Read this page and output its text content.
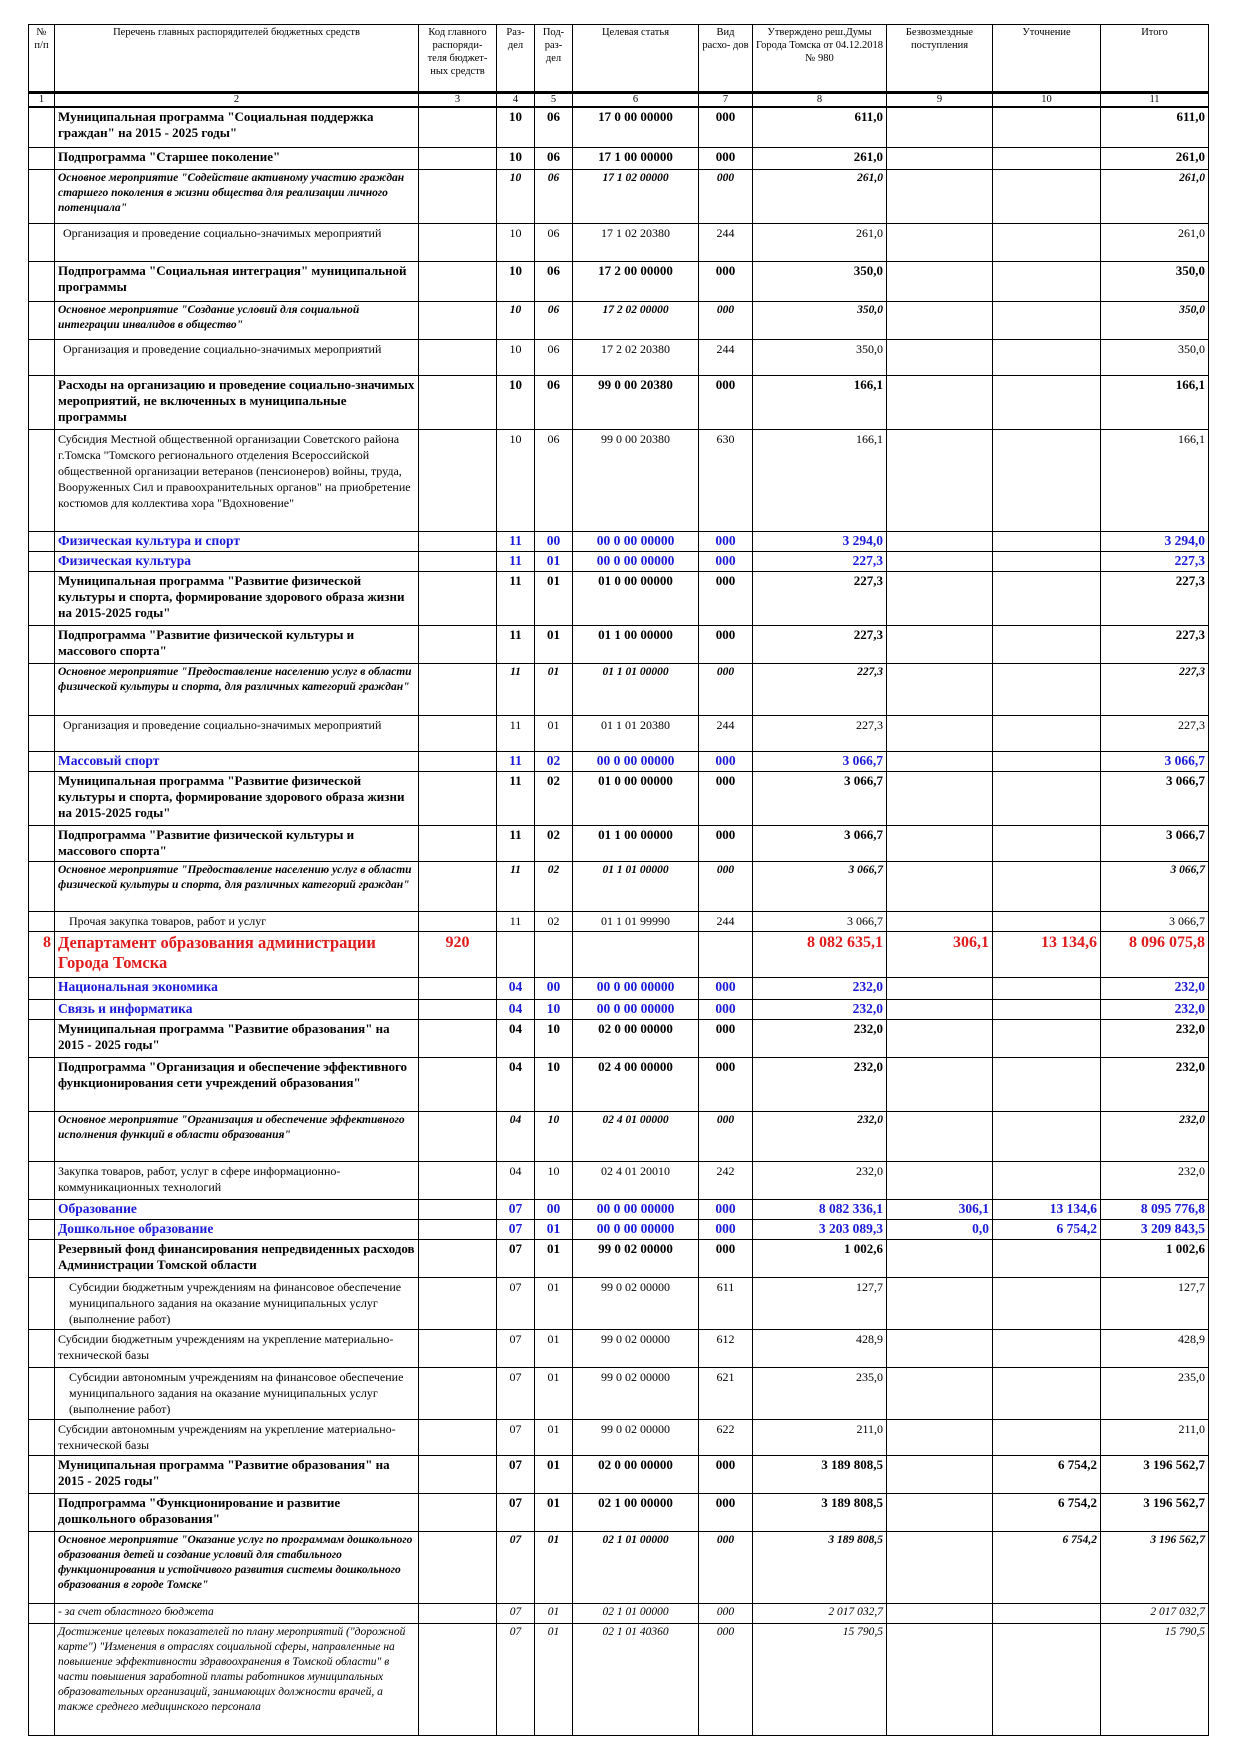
№ п/п	Перечень главных распорядителей бюджетных средств	Код главного распоряди- теля бюджет- ных средств	Раз- дел	Под- раз- дел	Целевая статья	Вид расхо- дов	Утверждено реш.Думы Города Томска от 04.12.2018 № 980	Безвозмездные поступления	Уточнение	Итого
1	2	3	4	5	6	7	8	9	10	11
	Муниципальная программа "Социальная поддержка граждан" на 2015 - 2025 годы"		10	06	17 0 00 00000	000	611,0			611,0
	Подпрограмма "Старшее поколение"		10	06	17 1 00 00000	000	261,0			261,0
	Основное мероприятие "Содействие активному участию граждан старшего поколения в жизни общества для реализации личного потенциала"		10	06	17 1 02 00000	000	261,0			261,0
	Организация и проведение социально-значимых мероприятий		10	06	17 1 02 20380	244	261,0			261,0
	Подпрограмма "Социальная интеграция" муниципальной программы		10	06	17 2 00 00000	000	350,0			350,0
	Основное мероприятие "Создание условий для социальной интеграции инвалидов в общество"		10	06	17 2 02 00000	000	350,0			350,0
	Организация и проведение социально-значимых мероприятий		10	06	17 2 02 20380	244	350,0			350,0
	Расходы на организацию и проведение социально-значимых мероприятий, не включенных в муниципальные программы		10	06	99 0 00 20380	000	166,1			166,1
	Субсидия Местной общественной организации Советского района г.Томска "Томского регионального отделения Всероссийской общественной организации ветеранов (пенсионеров) войны, труда, Вооруженных Сил и правоохранительных органов" на приобретение костюмов для коллектива хора "Вдохновение"		10	06	99 0 00 20380	630	166,1			166,1
	Физическая культура и спорт		11	00	00 0 00 00000	000	3 294,0			3 294,0
	Физическая культура		11	01	00 0 00 00000	000	227,3			227,3
	Муниципальная программа "Развитие физической культуры и спорта, формирование здорового образа жизни на 2015-2025 годы"		11	01	01 0 00 00000	000	227,3			227,3
	Подпрограмма "Развитие физической культуры и массового спорта"		11	01	01 1 00 00000	000	227,3			227,3
	Основное мероприятие "Предоставление населению услуг в области физической культуры и спорта, для различных категорий граждан"		11	01	01 1 01 00000	000	227,3			227,3
	Организация и проведение социально-значимых мероприятий		11	01	01 1 01 20380	244	227,3			227,3
	Массовый спорт		11	02	00 0 00 00000	000	3 066,7			3 066,7
	Муниципальная программа "Развитие физической культуры и спорта, формирование здорового образа жизни на 2015-2025 годы"		11	02	01 0 00 00000	000	3 066,7			3 066,7
	Подпрограмма "Развитие физической культуры и массового спорта"		11	02	01 1 00 00000	000	3 066,7			3 066,7
	Основное мероприятие "Предоставление населению услуг в области физической культуры и спорта, для различных категорий граждан"		11	02	01 1 01 00000	000	3 066,7			3 066,7
	Прочая закупка товаров, работ и услуг		11	02	01 1 01 99990	244	3 066,7			3 066,7
8	Департамент образования администрации Города Томска	920					8 082 635,1	306,1	13 134,6	8 096 075,8
	Национальная экономика		04	00	00 0 00 00000	000	232,0			232,0
	Связь и информатика		04	10	00 0 00 00000	000	232,0			232,0
	Муниципальная программа "Развитие образования" на 2015 - 2025 годы"		04	10	02 0 00 00000	000	232,0			232,0
	Подпрограмма "Организация и обеспечение эффективного функционирования сети учреждений образования"		04	10	02 4 00 00000	000	232,0			232,0
	Основное мероприятие "Организация и обеспечение эффективного исполнения функций в области образования"		04	10	02 4 01 00000	000	232,0			232,0
	Закупка товаров, работ, услуг в сфере информационно-коммуникационных технологий		04	10	02 4 01 20010	242	232,0			232,0
	Образование		07	00	00 0 00 00000	000	8 082 336,1	306,1	13 134,6	8 095 776,8
	Дошкольное образование		07	01	00 0 00 00000	000	3 203 089,3	0,0	6 754,2	3 209 843,5
	Резервный фонд финансирования непредвиденных расходов Администрации Томской области		07	01	99 0 02 00000	000	1 002,6			1 002,6
	Субсидии бюджетным учреждениям на финансовое обеспечение муниципального задания на оказание муниципальных услуг (выполнение работ)		07	01	99 0 02 00000	611	127,7			127,7
	Субсидии бюджетным учреждениям на укрепление материально-технической базы		07	01	99 0 02 00000	612	428,9			428,9
	Субсидии автономным учреждениям на финансовое обеспечение муниципального задания на оказание муниципальных услуг (выполнение работ)		07	01	99 0 02 00000	621	235,0			235,0
	Субсидии автономным учреждениям на укрепление материально-технической базы		07	01	99 0 02 00000	622	211,0			211,0
	Муниципальная программа "Развитие образования" на 2015 - 2025 годы"		07	01	02 0 00 00000	000	3 189 808,5		6 754,2	3 196 562,7
	Подпрограмма "Функционирование и развитие дошкольного образования"		07	01	02 1 00 00000	000	3 189 808,5		6 754,2	3 196 562,7
	Основное мероприятие "Оказание услуг по программам дошкольного образования детей и создание условий для стабильного функционирования и устойчивого развития системы дошкольного образования в городе Томске"		07	01	02 1 01 00000	000	3 189 808,5		6 754,2	3 196 562,7
	- за счет областного бюджета		07	01	02 1 01 00000	000	2 017 032,7			2 017 032,7
	Достижение целевых показателей по плану мероприятий ("дорожной карте") "Изменения в отраслях социальной сферы, направленные на повышение эффективности здравоохранения в Томской области" в части повышения заработной платы работников муниципальных образовательных организаций, занимающих должности врачей, а также среднего медицинского персонала		07	01	02 1 01 40360	000	15 790,5			15 790,5
